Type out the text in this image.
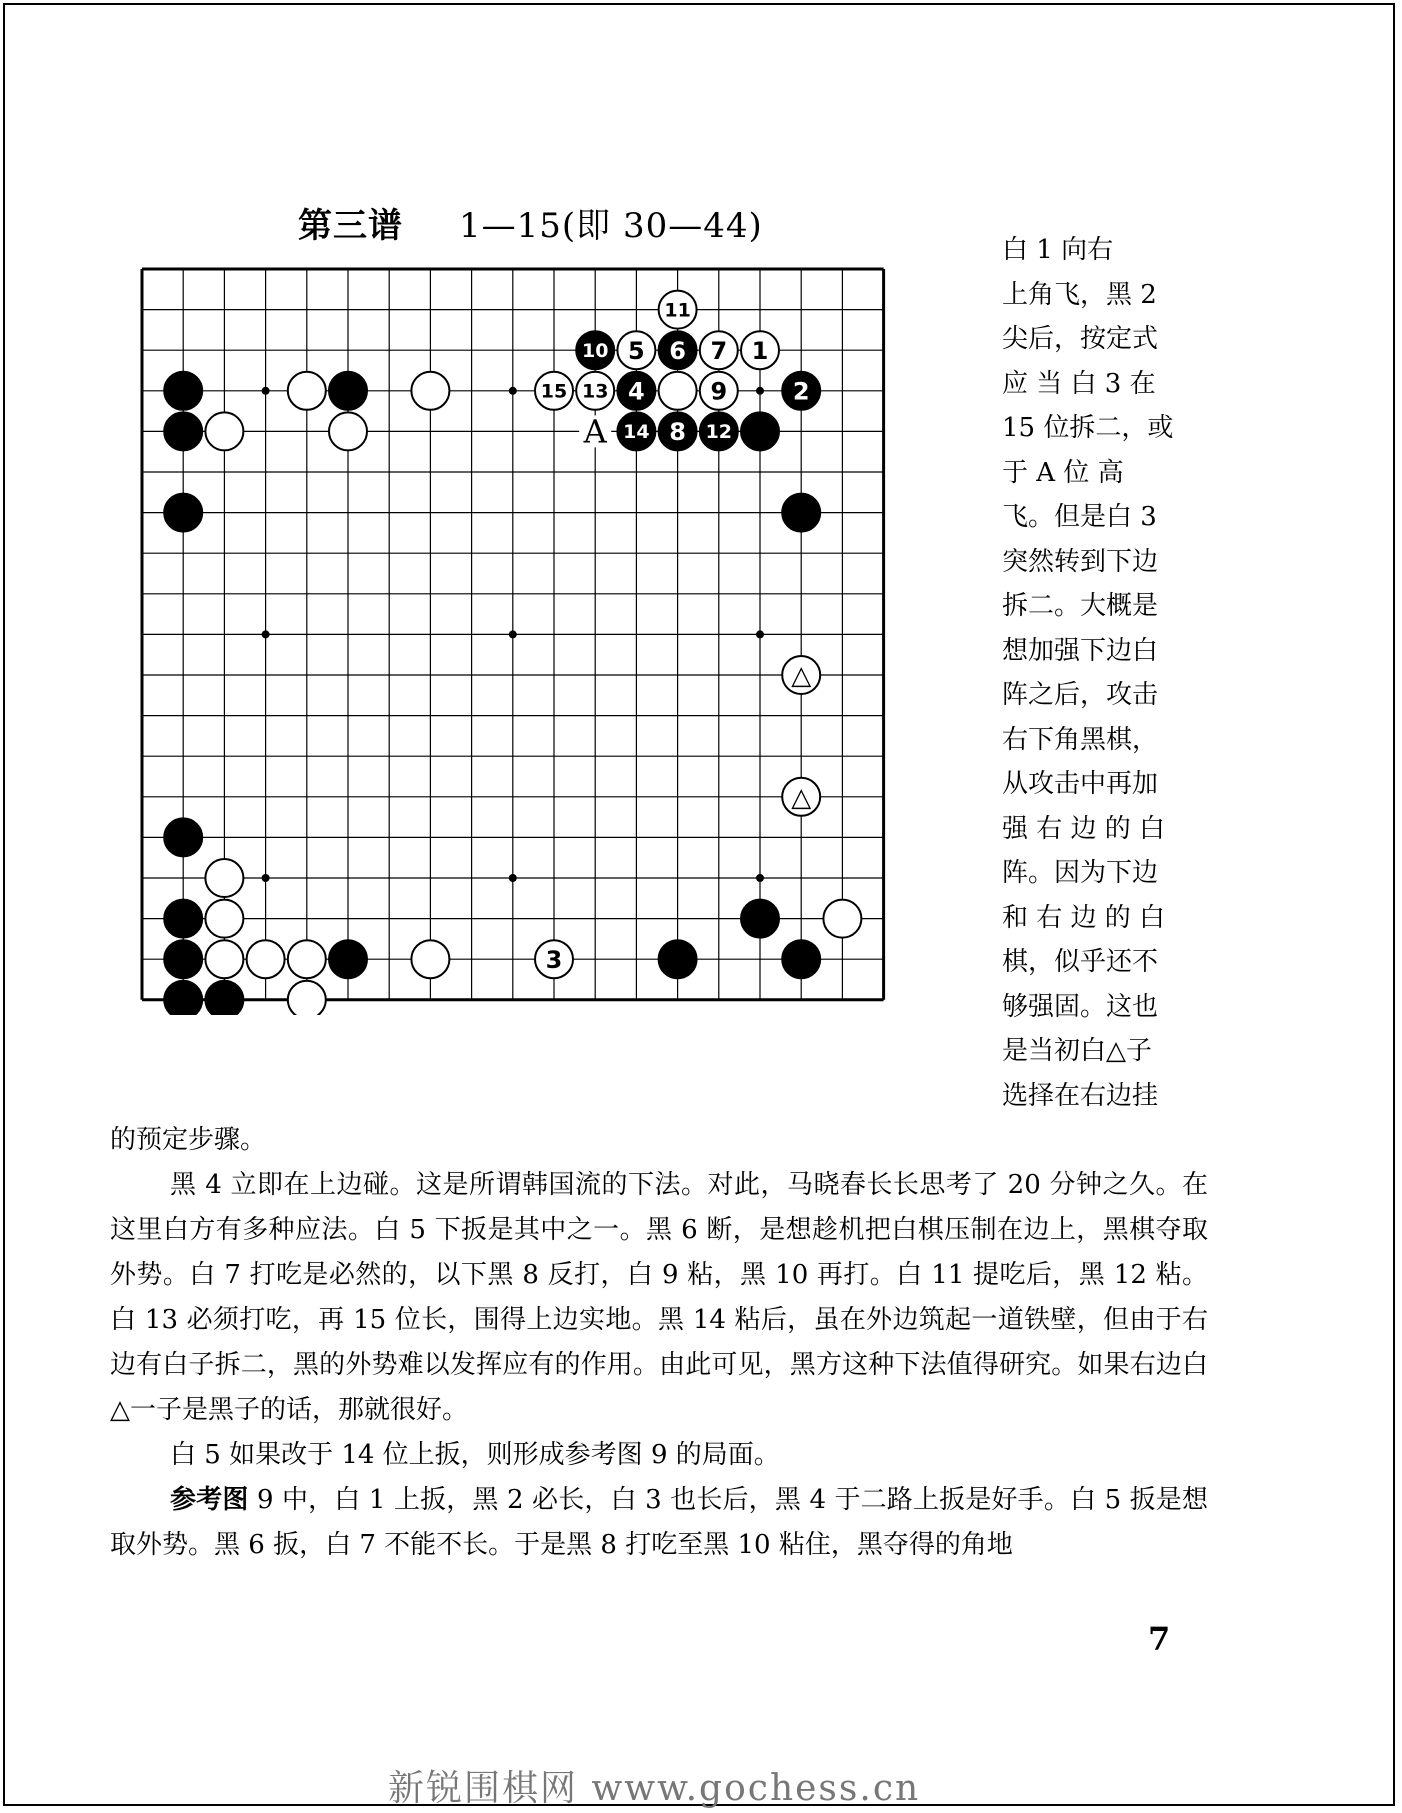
第三谱 1—15(即 30—44)
△
△
1
2
3
4
5 6 7
8
9
10
11
12
13
14
15
A
白 1 向右
上角飞，黑 2
尖后，按定式
应 当 白 3 在
15 位拆二，或
于 A 位 高
飞。但是白 3
突然转到下边
拆二。大概是
想加强下边白
阵之后，攻击
右下角黑棋，
从攻击中再加
强 右 边 的 白
阵。因为下边
和 右 边 的 白
棋，似乎还不
够强固。这也
是当初白△子
选择在右边挂
的预定步骤。
黑 4 立即在上边碰。这是所谓韩国流的下法。对此，马晓春长长思考了 20 分钟之久。在这里白方有多种应法。白 5 下扳是其中之一。黑 6 断，是想趁机把白棋压制在边上，黑棋夺取外势。白 7 打吃是必然的，以下黑 8 反打，白 9 粘，黑 10 再打。白 11 提吃后，黑 12 粘。白 13 必须打吃，再 15 位长，围得上边实地。黑 14 粘后，虽在外边筑起一道铁壁，但由于右边有白子拆二，黑的外势难以发挥应有的作用。由此可见，黑方这种下法值得研究。如果右边白△一子是黑子的话，那就很好。
白 5 如果改于 14 位上扳，则形成参考图 9 的局面。
参考图 9 中，白 1 上扳，黑 2 必长，白 3 也长后，黑 4 于二路上扳是好手。白 5 扳是想取外势。黑 6 扳，白 7 不能不长。于是黑 8 打吃至黑 10 粘住，黑夺得的角地
7
新锐围棋网 www.gochess.cn
